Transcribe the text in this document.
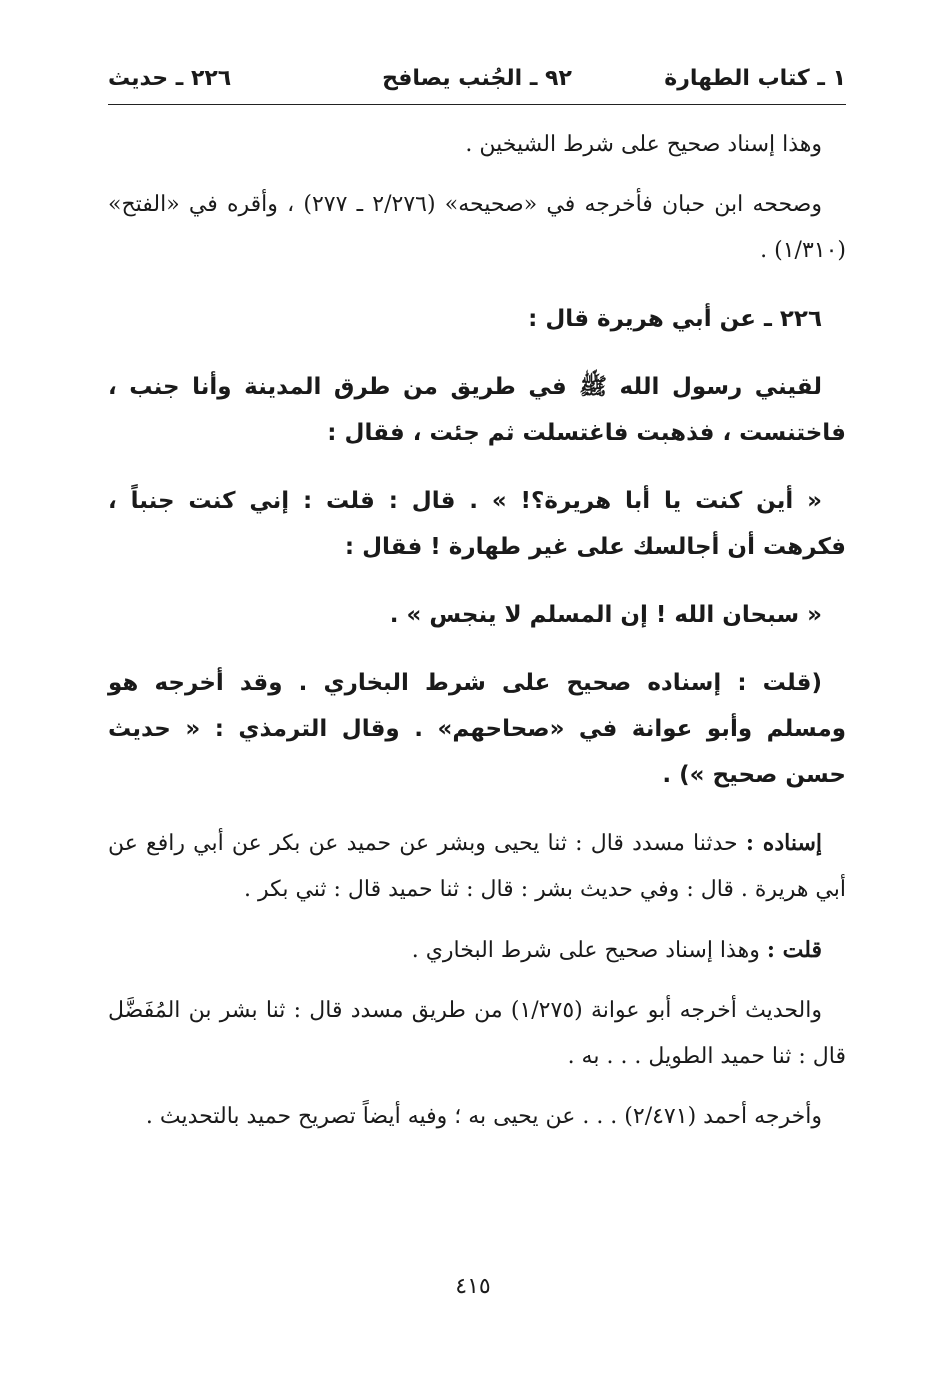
١ ـ كتاب الطهارة
٩٢ ـ الجُنب يصافح
٢٢٦ ـ حديث

وهذا إسناد صحيح على شرط الشيخين .

وصححه ابن حبان فأخرجه في «صحيحه» (٢/٢٧٦ ـ ٢٧٧) ، وأقره في «الفتح» (١/٣١٠) .

٢٢٦ ـ عن أبي هريرة قال :

لقيني رسول الله ﷺ في طريق من طرق المدينة وأنا جنب ، فاختنست ، فذهبت فاغتسلت ثم جئت ، فقال :

« أين كنت يا أبا هريرة؟! » . قال : قلت : إني كنت جنباً ، فكرهت أن أجالسك على غير طهارة ! فقال :

« سبحان الله ! إن المسلم لا ينجس » .

(قلت : إسناده صحيح على شرط البخاري . وقد أخرجه هو ومسلم وأبو عوانة في «صحاحهم» . وقال الترمذي : « حديث حسن صحيح ») .

إسناده : حدثنا مسدد قال : ثنا يحيى وبشر عن حميد عن بكر عن أبي رافع عن أبي هريرة . قال : وفي حديث بشر : قال : ثنا حميد قال : ثني بكر .

قلت : وهذا إسناد صحيح على شرط البخاري .

والحديث أخرجه أبو عوانة (١/٢٧٥) من طريق مسدد قال : ثنا بشر بن المُفَضَّل قال : ثنا حميد الطويل . . . به .

وأخرجه أحمد (٢/٤٧١) . . . عن يحيى به ؛ وفيه أيضاً تصريح حميد بالتحديث .

٤١٥
